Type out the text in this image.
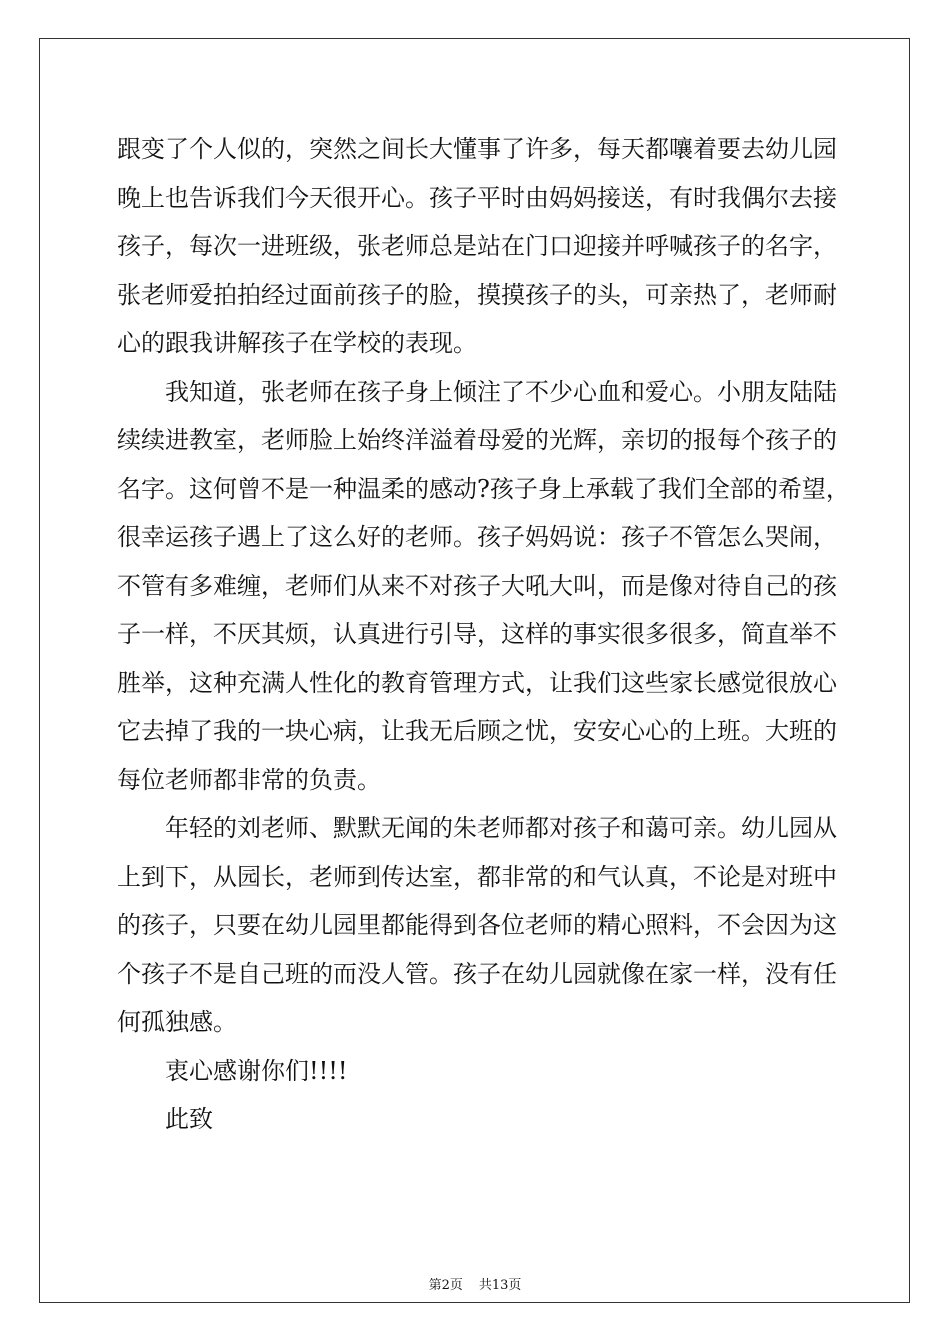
跟变了个人似的，突然之间长大懂事了许多，每天都嚷着要去幼儿园
晚上也告诉我们今天很开心。孩子平时由妈妈接送，有时我偶尔去接
孩子，每次一进班级，张老师总是站在门口迎接并呼喊孩子的名字，
张老师爱拍拍经过面前孩子的脸，摸摸孩子的头，可亲热了，老师耐
心的跟我讲解孩子在学校的表现。
我知道，张老师在孩子身上倾注了不少心血和爱心。小朋友陆陆
续续进教室，老师脸上始终洋溢着母爱的光辉，亲切的报每个孩子的
名字。这何曾不是一种温柔的感动?孩子身上承载了我们全部的希望，
很幸运孩子遇上了这么好的老师。孩子妈妈说：孩子不管怎么哭闹，
不管有多难缠，老师们从来不对孩子大吼大叫，而是像对待自己的孩
子一样，不厌其烦，认真进行引导，这样的事实很多很多，简直举不
胜举，这种充满人性化的教育管理方式，让我们这些家长感觉很放心
它去掉了我的一块心病，让我无后顾之忧，安安心心的上班。大班的
每位老师都非常的负责。
年轻的刘老师、默默无闻的朱老师都对孩子和蔼可亲。幼儿园从
上到下，从园长，老师到传达室，都非常的和气认真，不论是对班中
的孩子，只要在幼儿园里都能得到各位老师的精心照料，不会因为这
个孩子不是自己班的而没人管。孩子在幼儿园就像在家一样，没有任
何孤独感。
衷心感谢你们!!!!
此致
第2页 共13页
